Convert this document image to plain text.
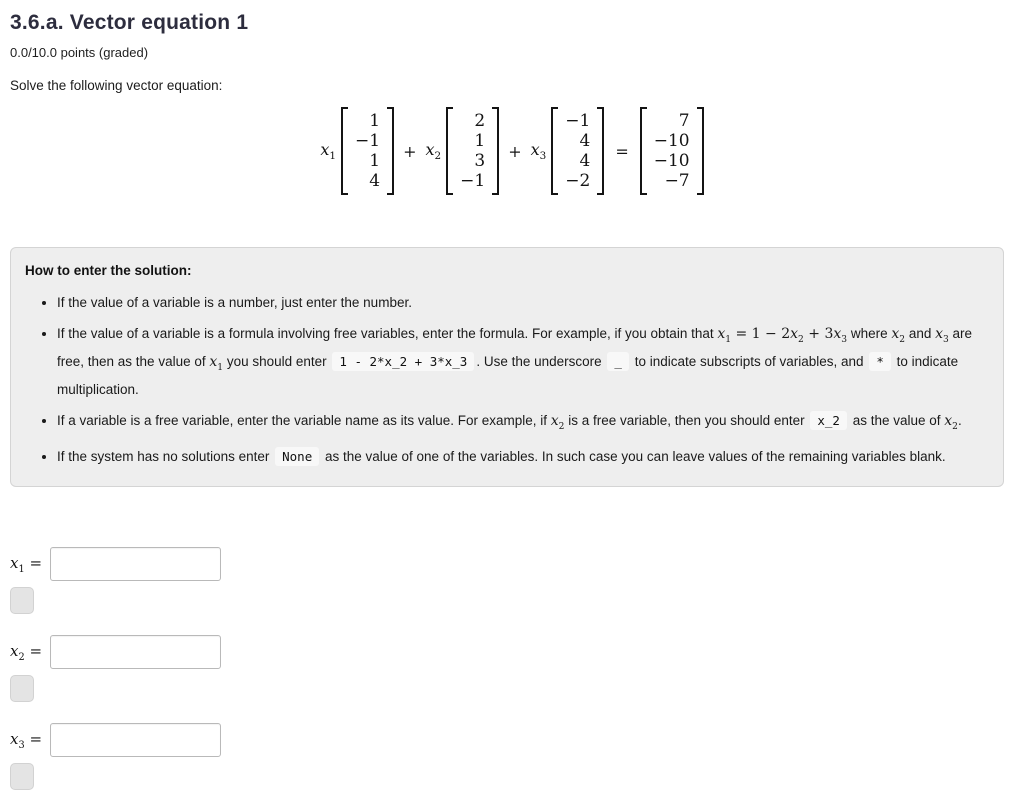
3.6.a. Vector equation 1
0.0/10.0 points (graded)
Solve the following vector equation:
$x_1$
1
−1
1
4
+ $x_2$
2
1
3
−1
+ $x_3$
−1
4
4
−2
=
7
−10
−10
−7
How to enter the solution:
• If the value of a variable is a number, just enter the number.
• If the value of a variable is a formula involving free variables, enter the formula. For example, if you obtain that $x_1 = 1 - 2x_2 + 3x_3$ where $x_2$ and $x_3$ are free, then as the value of $x_1$ you should enter 1 - 2*x_2 + 3*x_3 . Use the underscore _ to indicate subscripts of variables, and * to indicate multiplication.
• If a variable is a free variable, enter the variable name as its value. For example, if $x_2$ is a free variable, then you should enter x_2 as the value of $x_2$.
• If the system has no solutions enter None as the value of one of the variables. In such case you can leave values of the remaining variables blank.
$x_1$ =
$x_2$ =
$x_3$ =
